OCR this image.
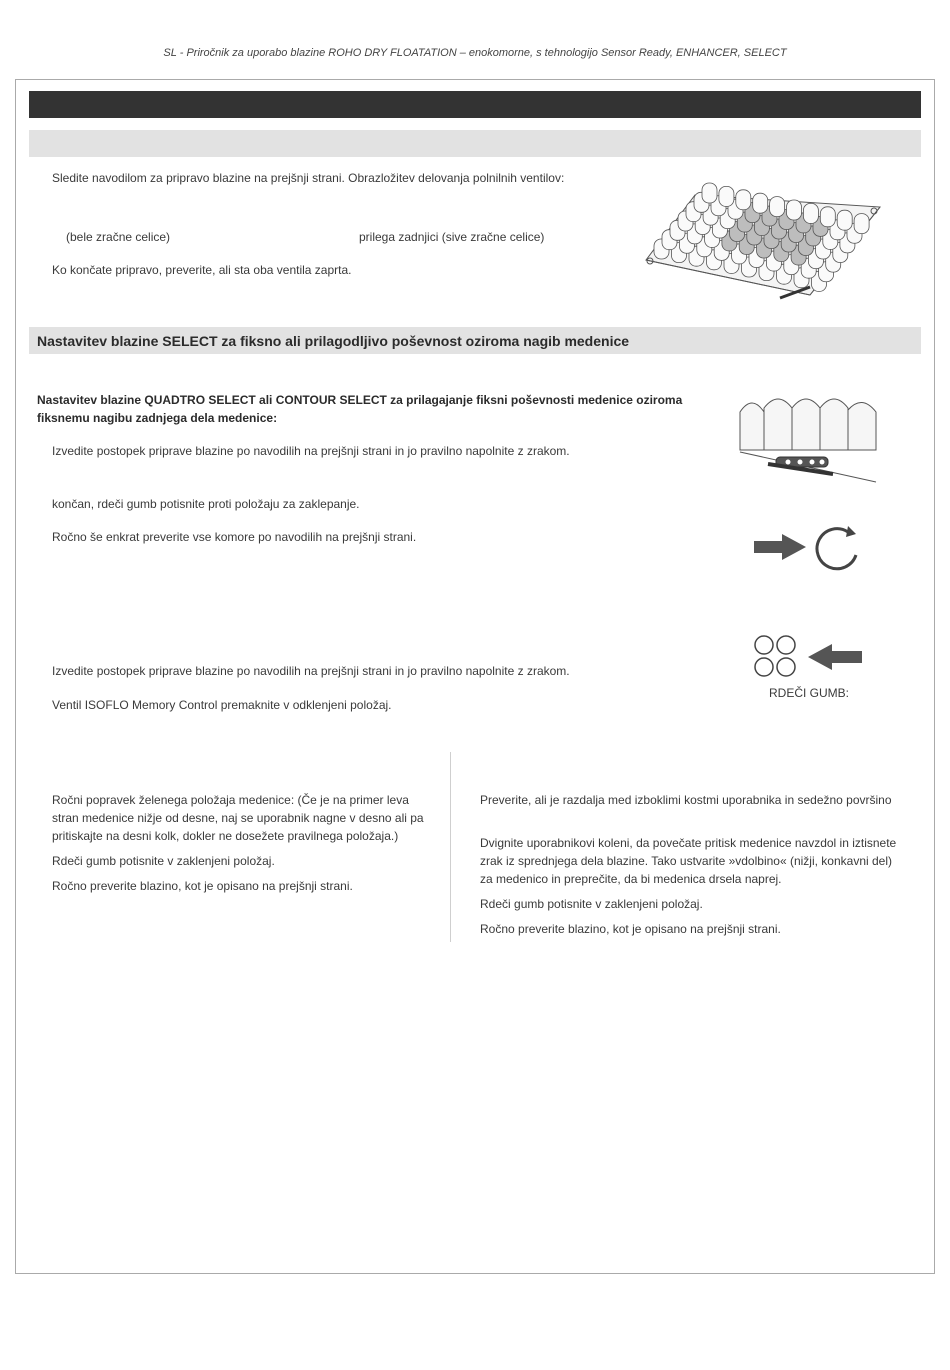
SL - Priročnik za uporabo blazine ROHO DRY FLOATATION – enokomorne, s tehnologijo Sensor Ready, ENHANCER, SELECT
Sledite navodilom za pripravo blazine na prejšnji strani. Obrazložitev delovanja polnilnih ventilov:
(bele zračne celice)	prilega zadnjici (sive zračne celice)
Ko končate pripravo, preverite, ali sta oba ventila zaprta.
Nastavitev blazine SELECT za fiksno ali prilagodljivo poševnost oziroma nagib medenice
Nastavitev blazine QUADTRO SELECT ali CONTOUR SELECT za prilagajanje fiksni poševnosti medenice oziroma fiksnemu nagibu zadnjega dela medenice:
Izvedite postopek priprave blazine po navodilih na prejšnji strani in jo pravilno napolnite z zrakom.
končan, rdeči gumb potisnite proti položaju za zaklepanje.
Ročno še enkrat preverite vse komore po navodilih na prejšnji strani.
RDEČI GUMB:
Izvedite postopek priprave blazine po navodilih na prejšnji strani in jo pravilno napolnite z zrakom.
Ventil ISOFLO Memory Control premaknite v odklenjeni položaj.
Ročni popravek želenega položaja medenice: (Če je na primer leva stran medenice nižje od desne, naj se uporabnik nagne v desno ali pa pritiskajte na desni kolk, dokler ne dosežete pravilnega položaja.)
Rdeči gumb potisnite v zaklenjeni položaj.
Ročno preverite blazino, kot je opisano na prejšnji strani.
Preverite, ali je razdalja med izboklimi kostmi uporabnika in sedežno površino
Dvignite uporabnikovi koleni, da povečate pritisk medenice navzdol in iztisnete zrak iz sprednjega dela blazine. Tako ustvarite »vdolbino« (nižji, konkavni del) za medenico in preprečite, da bi medenica drsela naprej.
Rdeči gumb potisnite v zaklenjeni položaj.
Ročno preverite blazino, kot je opisano na prejšnji strani.
